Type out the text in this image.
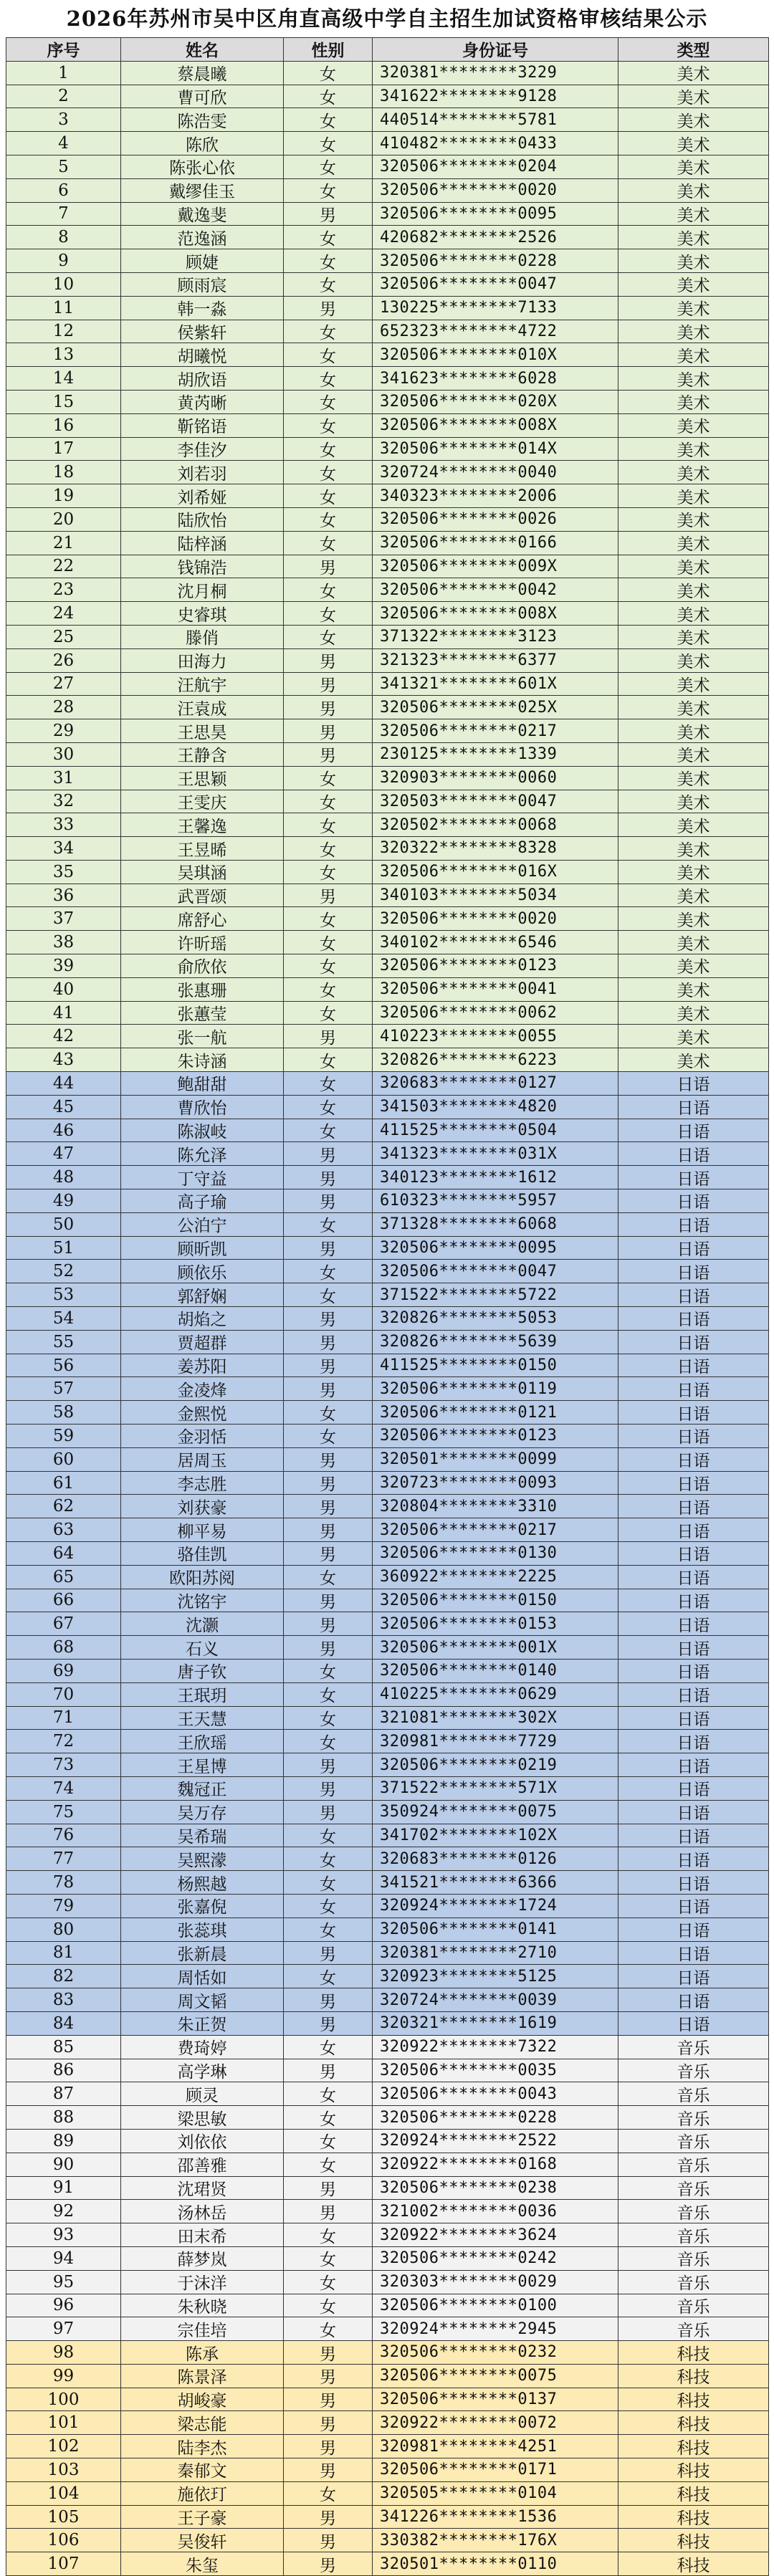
2026年苏州市吴中区甪直高级中学自主招生加试资格审核结果公示
序号	姓名	性别	身份证号	类型
1	蔡晨曦	女	320381********3229	美术
2	曹可欣	女	341622********9128	美术
3	陈浩雯	女	440514********5781	美术
4	陈欣	女	410482********0433	美术
5	陈张心依	女	320506********0204	美术
6	戴缪佳玉	女	320506********0020	美术
7	戴逸斐	男	320506********0095	美术
8	范逸涵	女	420682********2526	美术
9	顾婕	女	320506********0228	美术
10	顾雨宸	女	320506********0047	美术
11	韩一淼	男	130225********7133	美术
12	侯紫轩	女	652323********4722	美术
13	胡曦悦	女	320506********010X	美术
14	胡欣语	女	341623********6028	美术
15	黄芮晰	女	320506********020X	美术
16	靳铭语	女	320506********008X	美术
17	李佳汐	女	320506********014X	美术
18	刘若羽	女	320724********0040	美术
19	刘希娅	女	340323********2006	美术
20	陆欣怡	女	320506********0026	美术
21	陆梓涵	女	320506********0166	美术
22	钱锦浩	男	320506********009X	美术
23	沈月桐	女	320506********0042	美术
24	史睿琪	女	320506********008X	美术
25	滕俏	女	371322********3123	美术
26	田海力	男	321323********6377	美术
27	汪航宇	男	341321********601X	美术
28	汪袁成	男	320506********025X	美术
29	王思昊	男	320506********0217	美术
30	王静含	男	230125********1339	美术
31	王思颖	女	320903********0060	美术
32	王雯庆	女	320503********0047	美术
33	王馨逸	女	320502********0068	美术
34	王昱晞	女	320322********8328	美术
35	吴琪涵	女	320506********016X	美术
36	武晋颂	男	340103********5034	美术
37	席舒心	女	320506********0020	美术
38	许昕瑶	女	340102********6546	美术
39	俞欣依	女	320506********0123	美术
40	张惠珊	女	320506********0041	美术
41	张蕙莹	女	320506********0062	美术
42	张一航	男	410223********0055	美术
43	朱诗涵	女	320826********6223	美术
44	鲍甜甜	女	320683********0127	日语
45	曹欣怡	女	341503********4820	日语
46	陈淑岐	女	411525********0504	日语
47	陈允泽	男	341323********031X	日语
48	丁守益	男	340123********1612	日语
49	高子瑜	男	610323********5957	日语
50	公泊宁	女	371328********6068	日语
51	顾昕凯	男	320506********0095	日语
52	顾依乐	女	320506********0047	日语
53	郭舒娴	女	371522********5722	日语
54	胡焰之	男	320826********5053	日语
55	贾超群	男	320826********5639	日语
56	姜苏阳	男	411525********0150	日语
57	金凌烽	男	320506********0119	日语
58	金熙悦	女	320506********0121	日语
59	金羽恬	女	320506********0123	日语
60	居周玉	男	320501********0099	日语
61	李志胜	男	320723********0093	日语
62	刘获豪	男	320804********3310	日语
63	柳平易	男	320506********0217	日语
64	骆佳凯	男	320506********0130	日语
65	欧阳苏阅	女	360922********2225	日语
66	沈铭宇	男	320506********0150	日语
67	沈灏	男	320506********0153	日语
68	石义	男	320506********001X	日语
69	唐子钦	女	320506********0140	日语
70	王珉玥	女	410225********0629	日语
71	王天慧	女	321081********302X	日语
72	王欣瑶	女	320981********7729	日语
73	王星博	男	320506********0219	日语
74	魏冠正	男	371522********571X	日语
75	吴万存	男	350924********0075	日语
76	吴希瑞	女	341702********102X	日语
77	吴熙濛	女	320683********0126	日语
78	杨熙越	女	341521********6366	日语
79	张嘉倪	女	320924********1724	日语
80	张蕊琪	女	320506********0141	日语
81	张新晨	男	320381********2710	日语
82	周恬如	女	320923********5125	日语
83	周文韬	男	320724********0039	日语
84	朱正贺	男	320321********1619	日语
85	费琦婷	女	320922********7322	音乐
86	高学琳	男	320506********0035	音乐
87	顾灵	女	320506********0043	音乐
88	梁思敏	女	320506********0228	音乐
89	刘依依	女	320924********2522	音乐
90	邵善雅	女	320922********0168	音乐
91	沈珺贤	男	320506********0238	音乐
92	汤林岳	男	321002********0036	音乐
93	田末希	女	320922********3624	音乐
94	薛梦岚	女	320506********0242	音乐
95	于沫洋	女	320303********0029	音乐
96	朱秋晓	女	320506********0100	音乐
97	宗佳培	女	320924********2945	音乐
98	陈承	男	320506********0232	科技
99	陈景泽	男	320506********0075	科技
100	胡峻豪	男	320506********0137	科技
101	梁志能	男	320922********0072	科技
102	陆李杰	男	320981********4251	科技
103	秦郁文	男	320506********0171	科技
104	施依玎	女	320505********0104	科技
105	王子豪	男	341226********1536	科技
106	吴俊轩	男	330382********176X	科技
107	朱玺	男	320501********0110	科技
